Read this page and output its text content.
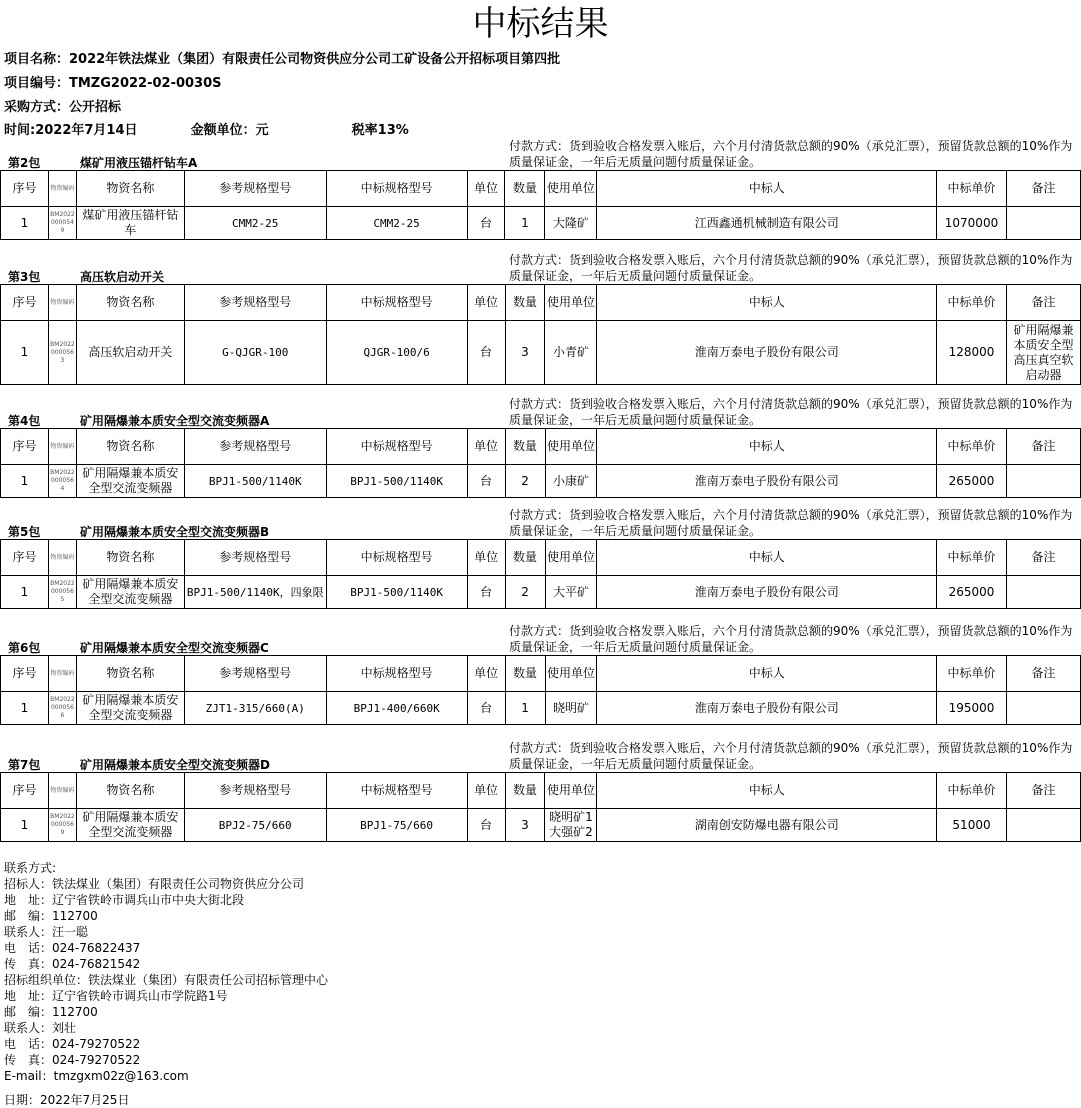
中标结果
项目名称：2022年铁法煤业（集团）有限责任公司物资供应分公司工矿设备公开招标项目第四批
项目编号：TMZG2022-02-0030S
采购方式：公开招标
时间:2022年7月14日	金额单位：元	税率13%
付款方式：货到验收合格发票入账后，六个月付清货款总额的90%（承兑汇票），预留货款总额的10%作为质量保证金，一年后无质量问题付质量保证金。
第2包	煤矿用液压锚杆钻车A
序号	物资编码	物资名称	参考规格型号	中标规格型号	单位	数量	使用单位	中标人	中标单价	备注
1	BM20220000549	煤矿用液压锚杆钻车	CMM2-25	CMM2-25	台	1	大隆矿	江西鑫通机械制造有限公司	1070000	
付款方式：货到验收合格发票入账后，六个月付清货款总额的90%（承兑汇票），预留货款总额的10%作为质量保证金，一年后无质量问题付质量保证金。
第3包	高压软启动开关
序号	物资编码	物资名称	参考规格型号	中标规格型号	单位	数量	使用单位	中标人	中标单价	备注
1	BM20220000563	高压软启动开关	G-QJGR-100	QJGR-100/6	台	3	小青矿	淮南万泰电子股份有限公司	128000	矿用隔爆兼本质安全型高压真空软启动器
付款方式：货到验收合格发票入账后，六个月付清货款总额的90%（承兑汇票），预留货款总额的10%作为质量保证金，一年后无质量问题付质量保证金。
第4包	矿用隔爆兼本质安全型交流变频器A
序号	物资编码	物资名称	参考规格型号	中标规格型号	单位	数量	使用单位	中标人	中标单价	备注
1	BM20220000564	矿用隔爆兼本质安全型交流变频器	BPJ1-500/1140K	BPJ1-500/1140K	台	2	小康矿	淮南万泰电子股份有限公司	265000	
付款方式：货到验收合格发票入账后，六个月付清货款总额的90%（承兑汇票），预留货款总额的10%作为质量保证金，一年后无质量问题付质量保证金。
第5包	矿用隔爆兼本质安全型交流变频器B
序号	物资编码	物资名称	参考规格型号	中标规格型号	单位	数量	使用单位	中标人	中标单价	备注
1	BM20220000565	矿用隔爆兼本质安全型交流变频器	BPJ1-500/1140K，四象限	BPJ1-500/1140K	台	2	大平矿	淮南万泰电子股份有限公司	265000	
付款方式：货到验收合格发票入账后，六个月付清货款总额的90%（承兑汇票），预留货款总额的10%作为质量保证金，一年后无质量问题付质量保证金。
第6包	矿用隔爆兼本质安全型交流变频器C
序号	物资编码	物资名称	参考规格型号	中标规格型号	单位	数量	使用单位	中标人	中标单价	备注
1	BM20220000566	矿用隔爆兼本质安全型交流变频器	ZJT1-315/660(A)	BPJ1-400/660K	台	1	晓明矿	淮南万泰电子股份有限公司	195000	
付款方式：货到验收合格发票入账后，六个月付清货款总额的90%（承兑汇票），预留货款总额的10%作为质量保证金，一年后无质量问题付质量保证金。
第7包	矿用隔爆兼本质安全型交流变频器D
序号	物资编码	物资名称	参考规格型号	中标规格型号	单位	数量	使用单位	中标人	中标单价	备注
1	BM20220000569	矿用隔爆兼本质安全型交流变频器	BPJ2-75/660	BPJ1-75/660	台	3	晓明矿1大强矿2	湖南创安防爆电器有限公司	51000	
联系方式:
招标人：铁法煤业（集团）有限责任公司物资供应分公司
地　址：辽宁省铁岭市调兵山市中央大街北段
邮　编：112700
联系人：汪一聪
电　话：024-76822437
传　真：024-76821542
招标组织单位：铁法煤业（集团）有限责任公司招标管理中心
地　址：辽宁省铁岭市调兵山市学院路1号
邮　编：112700
联系人：刘壮
电　话：024-79270522
传　真：024-79270522
E-mail：tmzgxm02z@163.com
日期：2022年7月25日
